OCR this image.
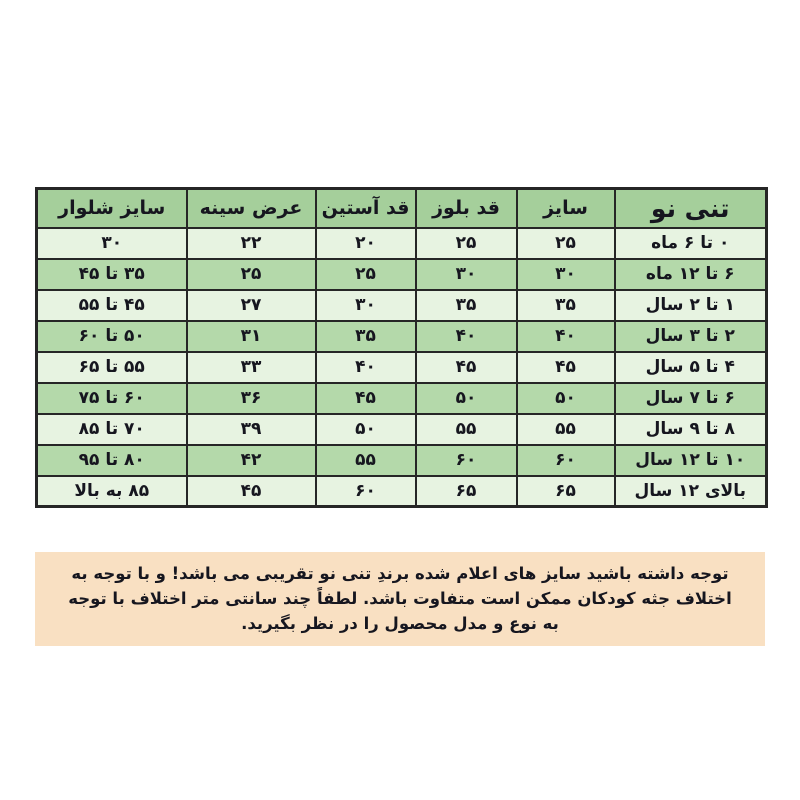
تنی نو	سایز	قد بلوز	قد آستین	عرض سینه	سایز شلوار
۰ تا ۶ ماه	۲۵	۲۵	۲۰	۲۲	۳۰
۶ تا ۱۲ ماه	۳۰	۳۰	۲۵	۲۵	۳۵ تا ۴۵
۱ تا ۲ سال	۳۵	۳۵	۳۰	۲۷	۴۵ تا ۵۵
۲ تا ۳ سال	۴۰	۴۰	۳۵	۳۱	۵۰ تا ۶۰
۴ تا ۵ سال	۴۵	۴۵	۴۰	۳۳	۵۵ تا ۶۵
۶ تا ۷ سال	۵۰	۵۰	۴۵	۳۶	۶۰ تا ۷۵
۸ تا ۹ سال	۵۵	۵۵	۵۰	۳۹	۷۰ تا ۸۵
۱۰ تا ۱۲ سال	۶۰	۶۰	۵۵	۴۲	۸۰ تا ۹۵
بالای ۱۲ سال	۶۵	۶۵	۶۰	۴۵	۸۵ به بالا
توجه داشته باشید سایز های اعلام شده برندِ تنی نو تقریبی می باشد! و با توجه به اختلاف جثه کودکان ممکن است متفاوت باشد. لطفاً چند سانتی متر اختلاف با توجه به نوع و مدل محصول را در نظر بگیرید.
